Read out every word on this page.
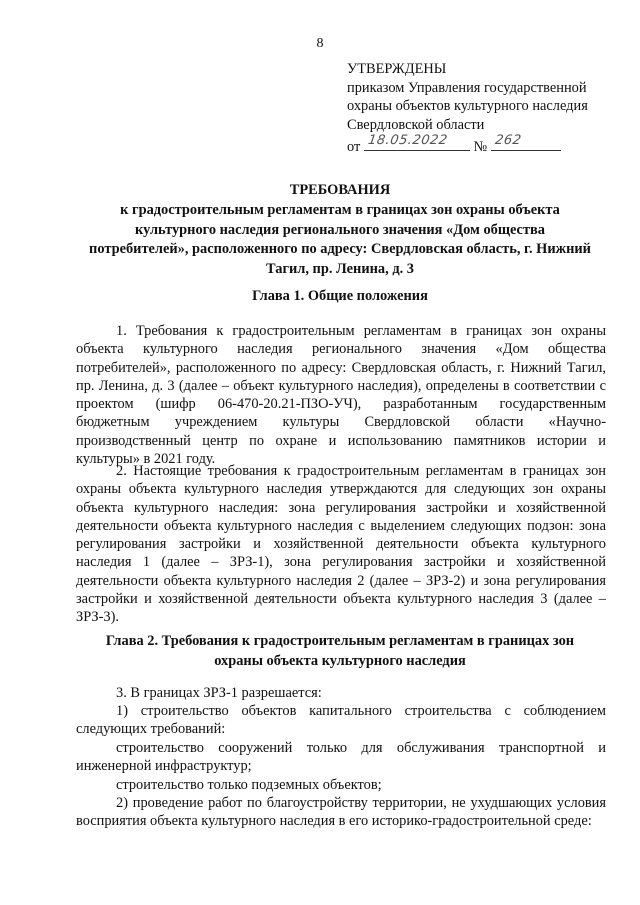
8
УТВЕРЖДЕНЫ
приказом Управления государственной
охраны объектов культурного наследия
Свердловской области
от 18.05.2022 № 262
ТРЕБОВАНИЯ
к градостроительным регламентам в границах зон охраны объекта
культурного наследия регионального значения «Дом общества
потребителей», расположенного по адресу: Свердловская область, г. Нижний
Тагил, пр. Ленина, д. 3
Глава 1. Общие положения

1. Требования к градостроительным регламентам в границах зон охраны объекта культурного наследия регионального значения «Дом общества потребителей», расположенного по адресу: Свердловская область, г. Нижний Тагил, пр. Ленина, д. 3 (далее – объект культурного наследия), определены в соответствии с проектом (шифр 06-470-20.21-ПЗО-УЧ), разработанным государственным бюджетным учреждением культуры Свердловской области «Научно-производственный центр по охране и использованию памятников истории и культуры» в 2021 году.

2. Настоящие требования к градостроительным регламентам в границах зон охраны объекта культурного наследия утверждаются для следующих зон охраны объекта культурного наследия: зона регулирования застройки и хозяйственной деятельности объекта культурного наследия с выделением следующих подзон: зона регулирования застройки и хозяйственной деятельности объекта культурного наследия 1 (далее – ЗРЗ-1), зона регулирования застройки и хозяйственной деятельности объекта культурного наследия 2 (далее – ЗРЗ-2) и зона регулирования застройки и хозяйственной деятельности объекта культурного наследия 3 (далее – ЗРЗ-3).

Глава 2. Требования к градостроительным регламентам в границах зон
охраны объекта культурного наследия

3. В границах ЗРЗ-1 разрешается:

1) строительство объектов капитального строительства с соблюдением следующих требований:

строительство сооружений только для обслуживания транспортной и инженерной инфраструктур;

строительство только подземных объектов;

2) проведение работ по благоустройству территории, не ухудшающих условия восприятия объекта культурного наследия в его историко-градостроительной среде:
